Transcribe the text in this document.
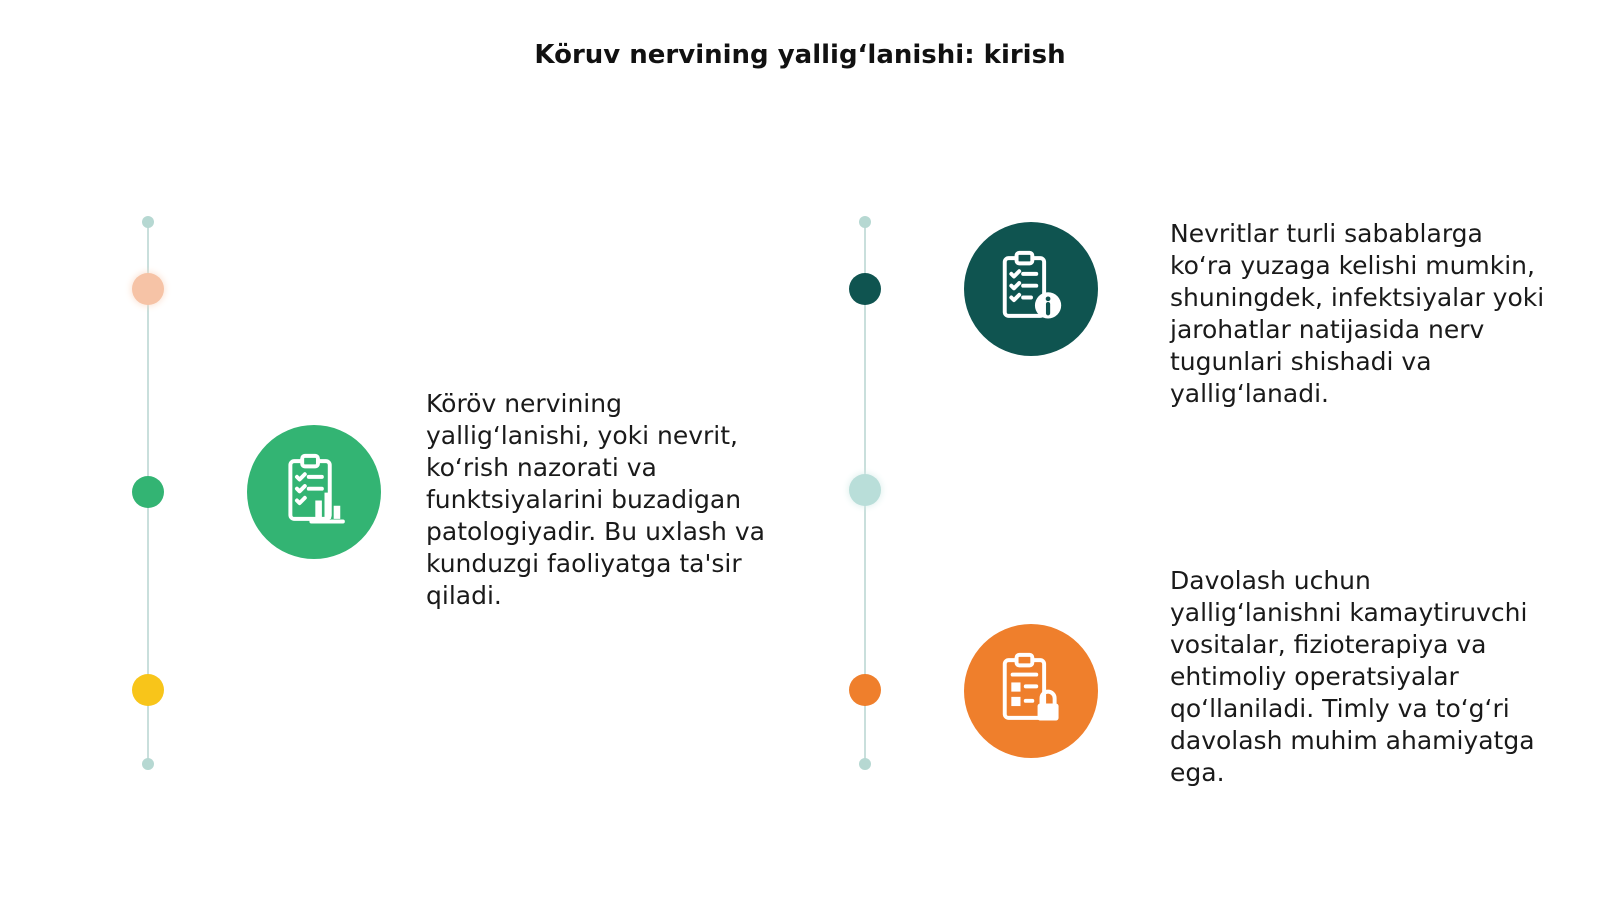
Köruv nervining yallig‘lanishi: kirish
Köröv nervining yallig‘lanishi, yoki nevrit, ko‘rish nazorati va funktsiyalarini buzadigan patologiyadir. Bu uxlash va kunduzgi faoliyatga ta'sir qiladi.
Nevritlar turli sabablarga ko‘ra yuzaga kelishi mumkin, shuningdek, infektsiyalar yoki jarohatlar natijasida nerv tugunlari shishadi va yallig‘lanadi.
Davolash uchun yallig‘lanishni kamaytiruvchi vositalar, fizioterapiya va ehtimoliy operatsiyalar qo‘llaniladi. Timly va to‘g‘ri davolash muhim ahamiyatga ega.
